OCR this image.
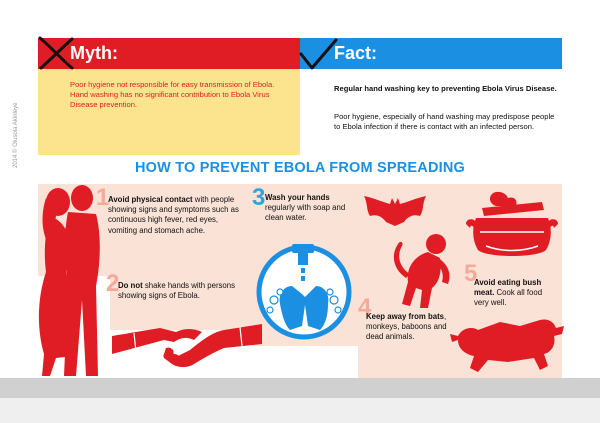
Myth:	Fact:
Poor hygiene not responsible for easy transmission of Ebola. Hand washing has no significant contribution to Ebola Virus Disease prevention.
Regular hand washing key to preventing Ebola Virus Disease.
Poor hygiene, especially of hand washing may predispose people to Ebola infection if there is contact with an infected person.
2014 © Olusola Akinleye	HOW TO PREVENT EBOLA FROM SPREADING
1
2
3
4
5
Avoid physical contact with people showing signs and symptoms such as continuous high fever, red eyes, vomiting and stomach ache.
Do not shake hands with persons showing signs of Ebola.
Wash your hands regularly with soap and clean water.
Keep away from bats, monkeys, baboons and dead animals.
Avoid eating bush meat. Cook all food very well.
